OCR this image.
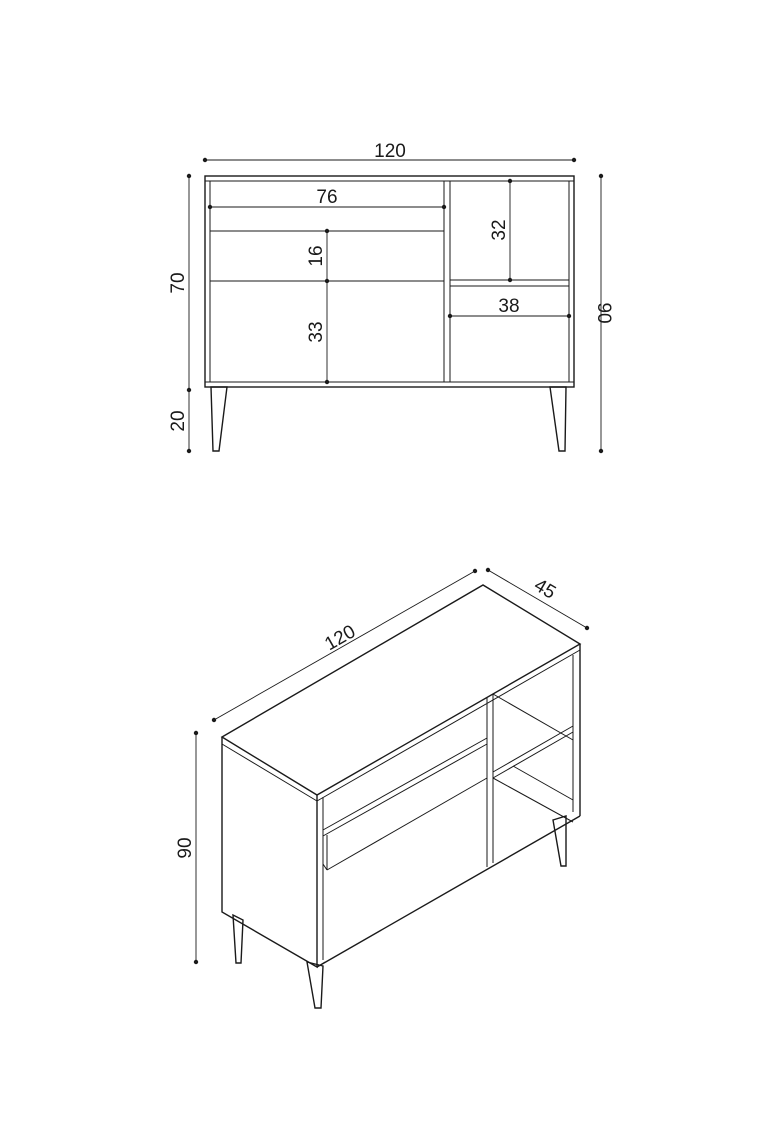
120
76
16
33
32
38
70
20
90
120
45
90
